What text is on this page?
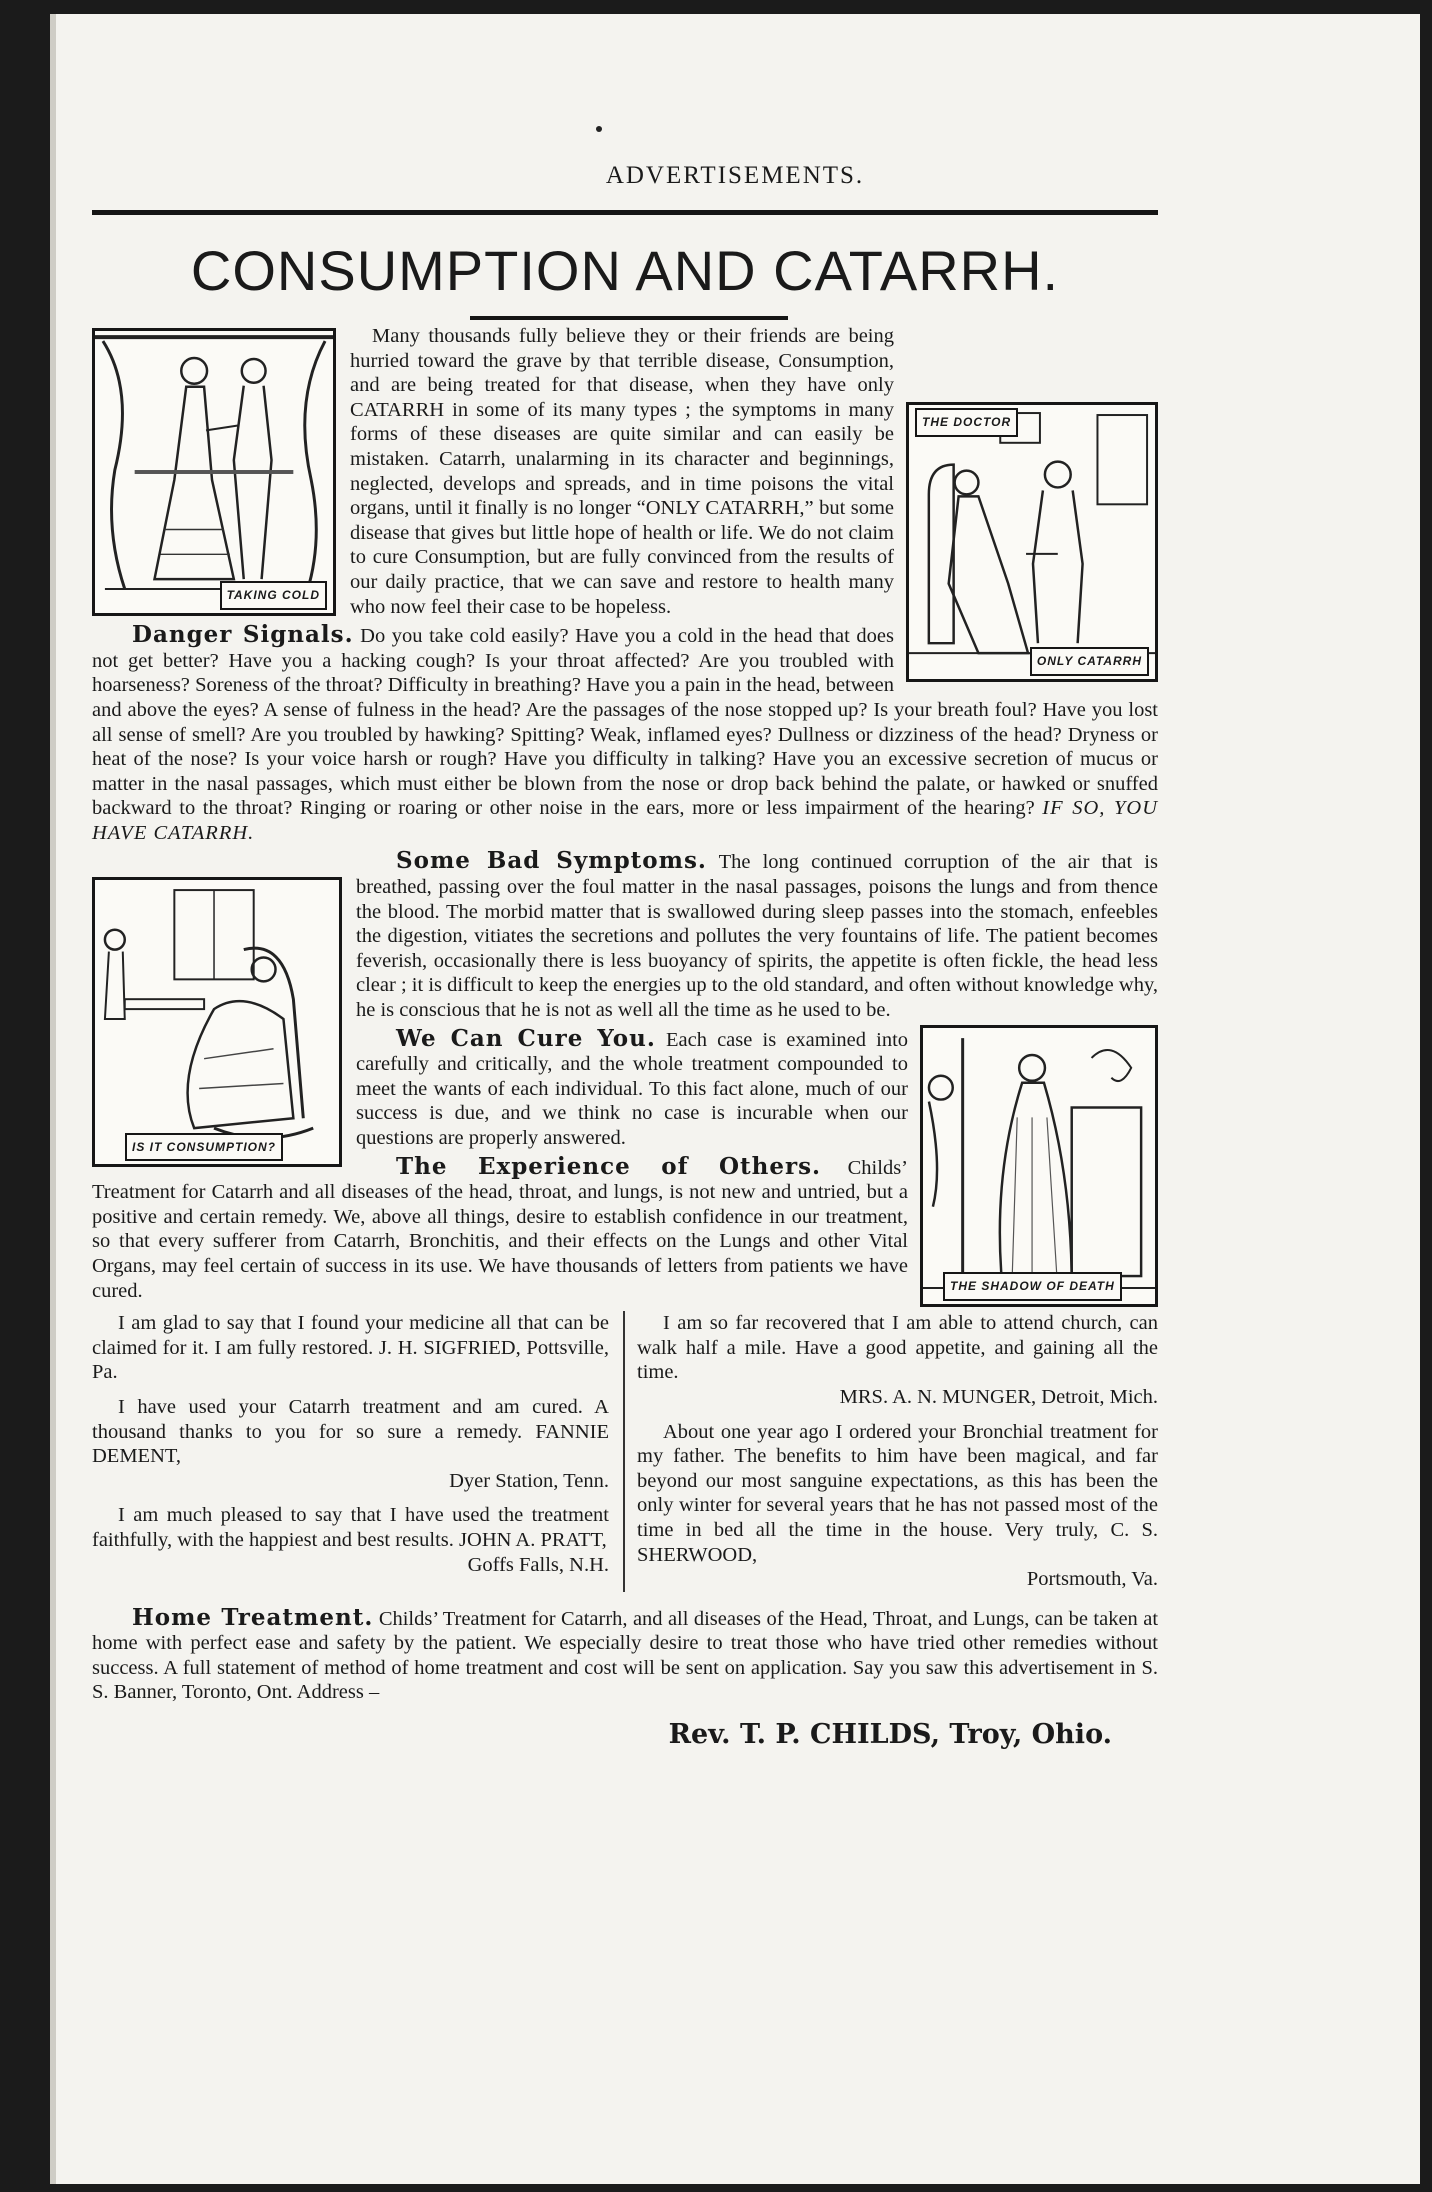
ADVERTISEMENTS.
CONSUMPTION AND CATARRH.
TAKING COLD
THE DOCTOR
ONLY CATARRH

Many thousands fully believe they or their friends are being hurried toward the grave by that terrible disease, Consumption, and are being treated for that disease, when they have only CATARRH in some of its many types ; the symptoms in many forms of these diseases are quite similar and can easily be mistaken. Catarrh, unalarming in its character and beginnings, neglected, develops and spreads, and in time poisons the vital organs, until it finally is no longer “ONLY CATARRH,” but some disease that gives but little hope of health or life. We do not claim to cure Consumption, but are fully convinced from the results of our daily practice, that we can save and restore to health many who now feel their case to be hopeless.

Danger Signals. Do you take cold easily? Have you a cold in the head that does not get better? Have you a hacking cough? Is your throat affected? Are you troubled with hoarseness? Soreness of the throat? Difficulty in breathing? Have you a pain in the head, between and above the eyes? A sense of fulness in the head? Are the passages of the nose stopped up? Is your breath foul? Have you lost all sense of smell? Are you troubled by hawking? Spitting? Weak, inflamed eyes? Dullness or dizziness of the head? Dryness or heat of the nose? Is your voice harsh or rough? Have you difficulty in talking? Have you an excessive secretion of mucus or matter in the nasal passages, which must either be blown from the nose or drop back behind the palate, or hawked or snuffed backward to the throat? Ringing or roaring or other noise in the ears, more or less impairment of the hearing? IF SO, YOU HAVE CATARRH.

IS IT CONSUMPTION?

Some Bad Symptoms. The long continued corruption of the air that is breathed, passing over the foul matter in the nasal passages, poisons the lungs and from thence the blood. The morbid matter that is swallowed during sleep passes into the stomach, enfeebles the digestion, vitiates the secretions and pollutes the very fountains of life. The patient becomes feverish, occasionally there is less buoyancy of spirits, the appetite is often fickle, the head less clear ; it is difficult to keep the energies up to the old standard, and often without knowledge why, he is conscious that he is not as well all the time as he used to be.

THE SHADOW OF DEATH

We Can Cure You. Each case is examined into carefully and critically, and the whole treatment compounded to meet the wants of each individual. To this fact alone, much of our success is due, and we think no case is incurable when our questions are properly answered.

The Experience of Others. Childs’ Treatment for Catarrh and all diseases of the head, throat, and lungs, is not new and untried, but a positive and certain remedy. We, above all things, desire to establish confidence in our treatment, so that every sufferer from Catarrh, Bronchitis, and their effects on the Lungs and other Vital Organs, may feel certain of success in its use. We have thousands of letters from patients we have cured.

I am glad to say that I found your medicine all that can be claimed for it. I am fully restored. J. H. SIGFRIED, Pottsville, Pa.

I have used your Catarrh treatment and am cured. A thousand thanks to you for so sure a remedy. FANNIE DEMENT,

Dyer Station, Tenn.

I am much pleased to say that I have used the treatment faithfully, with the happiest and best results. JOHN A. PRATT,

Goffs Falls, N.H.

I am so far recovered that I am able to attend church, can walk half a mile. Have a good appetite, and gaining all the time.

MRS. A. N. MUNGER, Detroit, Mich.

About one year ago I ordered your Bronchial treatment for my father. The benefits to him have been magical, and far beyond our most sanguine expectations, as this has been the only winter for several years that he has not passed most of the time in bed all the time in the house. Very truly, C. S. SHERWOOD,

Portsmouth, Va.

Home Treatment. Childs’ Treatment for Catarrh, and all diseases of the Head, Throat, and Lungs, can be taken at home with perfect ease and safety by the patient. We especially desire to treat those who have tried other remedies without success. A full statement of method of home treatment and cost will be sent on application. Say you saw this advertisement in S. S. Banner, Toronto, Ont. Address –

Rev. T. P. CHILDS, Troy, Ohio.
